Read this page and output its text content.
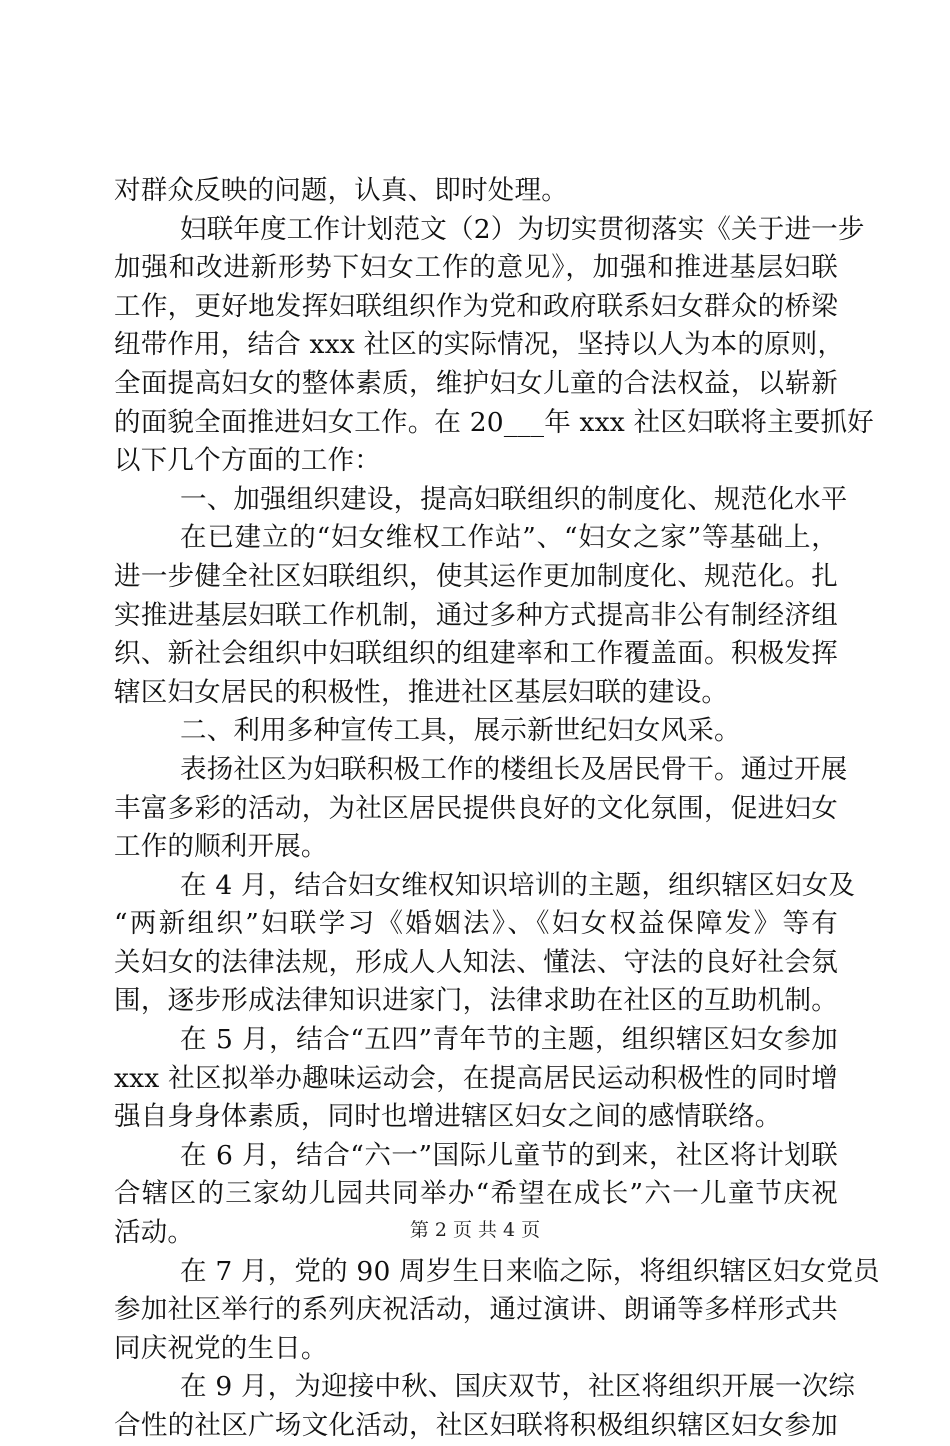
对群众反映的问题，认真、即时处理。
妇联年度工作计划范文（2）为切实贯彻落实《关于进一步
加强和改进新形势下妇女工作的意见》，加强和推进基层妇联
工作，更好地发挥妇联组织作为党和政府联系妇女群众的桥梁
纽带作用，结合 xxx 社区的实际情况，坚持以人为本的原则，
全面提高妇女的整体素质，维护妇女儿童的合法权益，以崭新
的面貌全面推进妇女工作。在 20___年 xxx 社区妇联将主要抓好
以下几个方面的工作：
一、加强组织建设，提高妇联组织的制度化、规范化水平
在已建立的“妇女维权工作站”、“妇女之家”等基础上，
进一步健全社区妇联组织，使其运作更加制度化、规范化。扎
实推进基层妇联工作机制，通过多种方式提高非公有制经济组
织、新社会组织中妇联组织的组建率和工作覆盖面。积极发挥
辖区妇女居民的积极性，推进社区基层妇联的建设。
二、利用多种宣传工具，展示新世纪妇女风采。
表扬社区为妇联积极工作的楼组长及居民骨干。通过开展
丰富多彩的活动，为社区居民提供良好的文化氛围，促进妇女
工作的顺利开展。
在 4 月，结合妇女维权知识培训的主题，组织辖区妇女及
“两新组织”妇联学习《婚姻法》、《妇女权益保障发》等有
关妇女的法律法规，形成人人知法、懂法、守法的良好社会氛
围，逐步形成法律知识进家门，法律求助在社区的互助机制。
在 5 月，结合“五四”青年节的主题，组织辖区妇女参加
xxx 社区拟举办趣味运动会，在提高居民运动积极性的同时增
强自身身体素质，同时也增进辖区妇女之间的感情联络。
在 6 月，结合“六一”国际儿童节的到来，社区将计划联
合辖区的三家幼儿园共同举办“希望在成长”六一儿童节庆祝
活动。
在 7 月，党的 90 周岁生日来临之际，将组织辖区妇女党员
参加社区举行的系列庆祝活动，通过演讲、朗诵等多样形式共
同庆祝党的生日。
在 9 月，为迎接中秋、国庆双节，社区将组织开展一次综
合性的社区广场文化活动，社区妇联将积极组织辖区妇女参加
第 2 页 共 4 页
